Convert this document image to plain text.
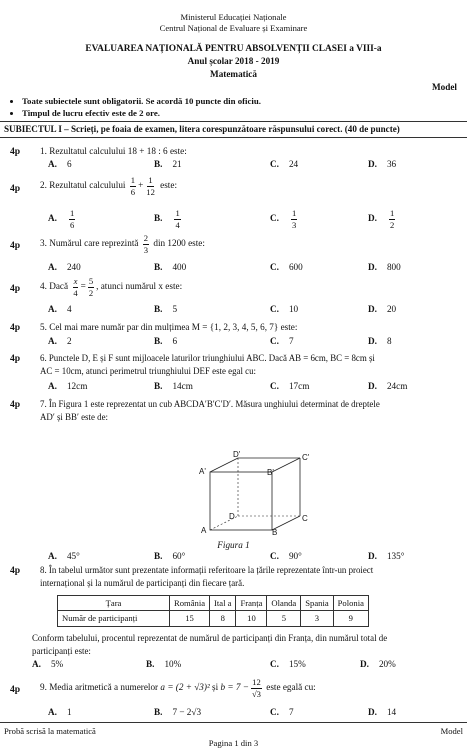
Ministerul Educației Naționale
Centrul Național de Evaluare și Examinare
EVALUAREA NAȚIONALĂ PENTRU ABSOLVENȚII CLASEI a VIII-a
Anul școlar 2018 - 2019
Matematică
Model
• Toate subiectele sunt obligatorii. Se acordă 10 puncte din oficiu.
• Timpul de lucru efectiv este de 2 ore.
SUBIECTUL I – Scrieți, pe foaia de examen, litera corespunzătoare răspunsului corect. (40 de puncte)
4p 1. Rezultatul calculului 18 + 18 : 6 este:
A. 6	B. 21	C. 24	D. 36
4p 2. Rezultatul calculului $\frac{1}{6} + \frac{1}{12}$ este:
A. $\frac{1}{6}$	B. $\frac{1}{4}$	C. $\frac{1}{3}$	D. $\frac{1}{2}$
4p 3. Numărul care reprezintă $\frac{2}{3}$ din 1200 este:
A. 240	B. 400	C. 600	D. 800
4p 4. Dacă $\frac{x}{4} = \frac{5}{2}$ , atunci numărul x este:
A. 4	B. 5	C. 10	D. 20
4p 5. Cel mai mare număr par din mulțimea M = {1, 2, 3, 4, 5, 6, 7} este:
A. 2	B. 6	C. 7	D. 8
4p 6. Punctele D, E și F sunt mijloacele laturilor triunghiului ABC. Dacă AB = 6cm, BC = 8cm și
AC = 10cm, atunci perimetrul triunghiului DEF este egal cu:
A. 12cm	B. 14cm	C. 17cm	D. 24cm
4p 7. În Figura 1 este reprezentat un cub ABCDA′B′C′D′. Măsura unghiului determinat de dreptele
AD′ și BB′ este de:
D'	C'
A'	B'
D	C
A	B
Figura 1
A. 45°	B. 60°	C. 90°	D. 135°
4p 8. În tabelul următor sunt prezentate informații referitoare la țările reprezentate într-un proiect
internațional și la numărul de participanți din fiecare țară.
Țara	România	Ital a	Franța	Olanda	Spania	Polonia
Număr de participanți	15	8	10	5	3	9
Conform tabelului, procentul reprezentat de numărul de participanți din Franța, din numărul total de
participanți este:
A. 5%	B. 10%	C. 15%	D. 20%
4p 9. Media aritmetică a numerelor a = (2 + √3)² și $b = 7 - \frac{12}{√3}$ este egală cu:
A. 1	B. 7 − 2√3	C. 7	D. 14
Probă scrisă la matematică	Model
Pagina 1 din 3
